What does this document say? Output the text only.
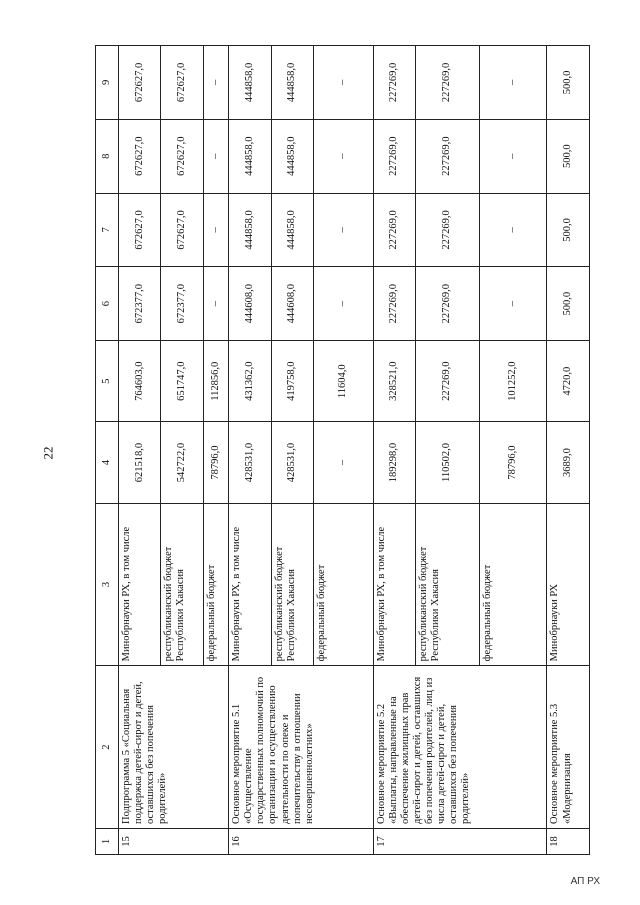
22
1	2	3	4	5	6	7	8	9
15	Подпрограмма 5 «Социальная поддержка детей-сирот и детей, оставшихся без попечения родителей»	Минобрнауки РХ, в том числе	621518,0	764603,0	672377,0	672627,0	672627,0	672627,0
		республиканский бюджет Республики Хакасия	542722,0	651747,0	672377,0	672627,0	672627,0	672627,0
		федеральный бюджет	78796,0	112856,0	–	–	–	–
16	Основное мероприятие 5.1 «Осуществление государственных полномочий по организации и осуществлению деятельности по опеке и попечительству в отношении несовершеннолетних»	Минобрнауки РХ, в том числе	428531,0	431362,0	444608,0	444858,0	444858,0	444858,0
		республиканский бюджет Республики Хакасия	428531,0	419758,0	444608,0	444858,0	444858,0	444858,0
		федеральный бюджет	–	11604,0	–	–	–	–
17	Основное мероприятие 5.2 «Выплаты, направленные на обеспечение жилищных прав детей-сирот и детей, оставшихся без попечения родителей, лиц из числа детей-сирот и детей, оставшихся без попечения родителей»	Минобрнауки РХ, в том числе	189298,0	328521,0	227269,0	227269,0	227269,0	227269,0
		республиканский бюджет Республики Хакасия	110502,0	227269,0	227269,0	227269,0	227269,0	227269,0
		федеральный бюджет	78796,0	101252,0	–	–	–	–
18	Основное мероприятие 5.3 «Модернизация	Минобрнауки РХ	3689,0	4720,0	500,0	500,0	500,0	500,0
АП РХ
